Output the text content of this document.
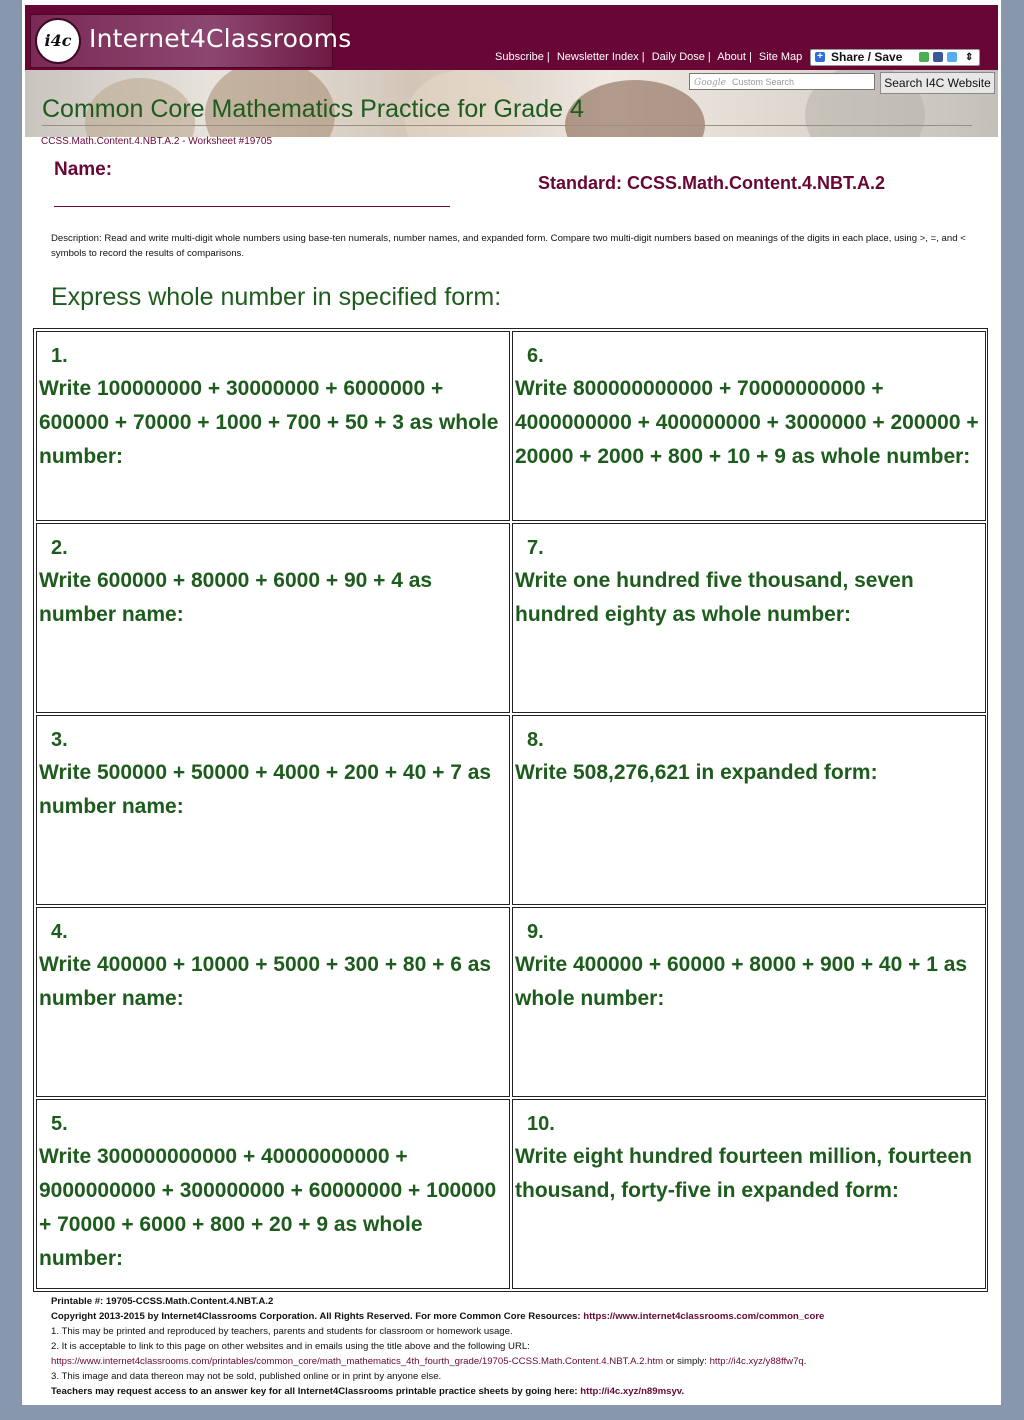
i4c Internet4Classrooms
Subscribe | Newsletter Index | Daily Dose | About | Site Map + Share / Save	⇕
Google Custom Search	Search I4C Website
Common Core Mathematics Practice for Grade 4
CCSS.Math.Content.4.NBT.A.2 - Worksheet #19705
Name:
Standard: CCSS.Math.Content.4.NBT.A.2
Description: Read and write multi-digit whole numbers using base-ten numerals, number names, and expanded form. Compare two multi-digit numbers based on meanings of the digits in each place, using >, =, and < symbols to record the results of comparisons.
Express whole number in specified form:
1.
Write 100000000 + 30000000 + 6000000 + 600000 + 70000 + 1000 + 700 + 50 + 3 as whole number:
2.
Write 600000 + 80000 + 6000 + 90 + 4 as number name:
3.
Write 500000 + 50000 + 4000 + 200 + 40 + 7 as number name:
4.
Write 400000 + 10000 + 5000 + 300 + 80 + 6 as number name:
5.
Write 300000000000 + 40000000000 + 9000000000 + 300000000 + 60000000 + 100000 + 70000 + 6000 + 800 + 20 + 9 as whole number:
6.
Write 800000000000 + 70000000000 + 4000000000 + 400000000 + 3000000 + 200000 + 20000 + 2000 + 800 + 10 + 9 as whole number:
7.
Write one hundred five thousand, seven hundred eighty as whole number:
8.
Write 508,276,621 in expanded form:
9.
Write 400000 + 60000 + 8000 + 900 + 40 + 1 as whole number:
10.
Write eight hundred fourteen million, fourteen thousand, forty-five in expanded form:
Printable #: 19705-CCSS.Math.Content.4.NBT.A.2
Copyright 2013-2015 by Internet4Classrooms Corporation. All Rights Reserved. For more Common Core Resources: https://www.internet4classrooms.com/common_core
1. This may be printed and reproduced by teachers, parents and students for classroom or homework usage.
2. It is acceptable to link to this page on other websites and in emails using the title above and the following URL:
https://www.internet4classrooms.com/printables/common_core/math_mathematics_4th_fourth_grade/19705-CCSS.Math.Content.4.NBT.A.2.htm or simply: http://i4c.xyz/y88ffw7q.
3. This image and data thereon may not be sold, published online or in print by anyone else.
Teachers may request access to an answer key for all Internet4Classrooms printable practice sheets by going here: http://i4c.xyz/n89msyv.
